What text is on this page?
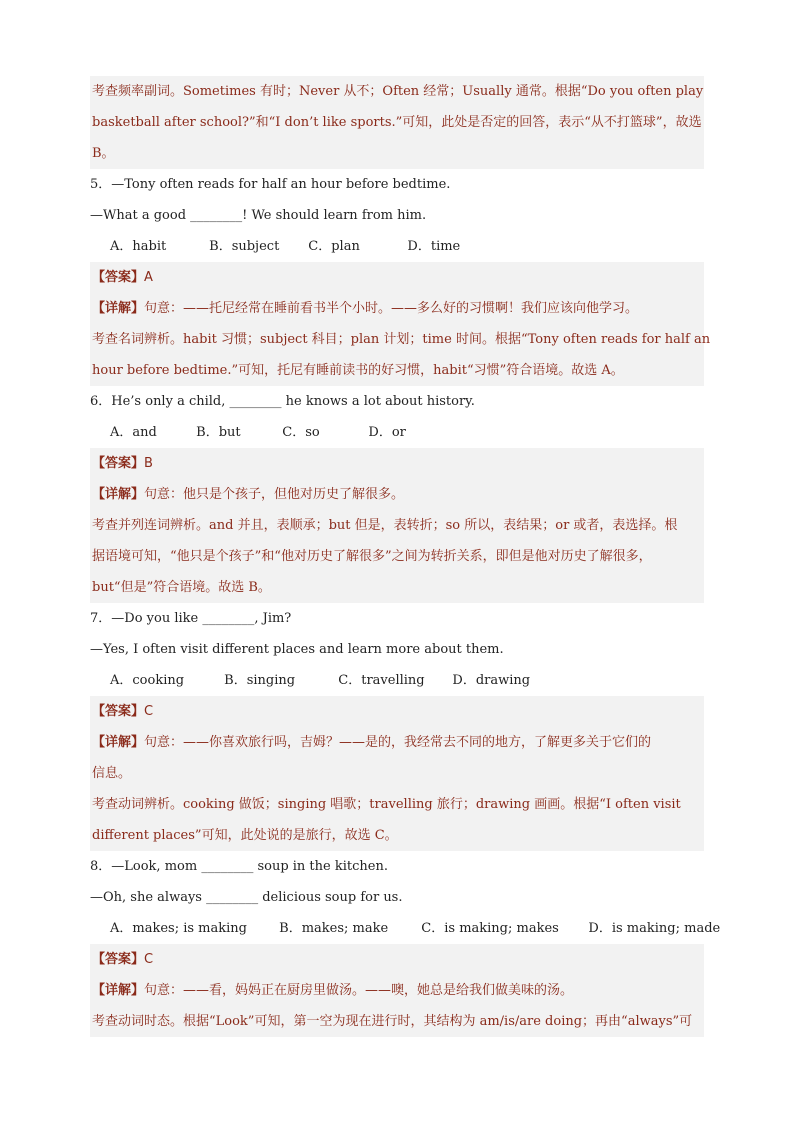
考查频率副词。Sometimes 有时；Never 从不；Often 经常；Usually 通常。根据“Do you often play
basketball after school?”和“I don’t like sports.”可知，此处是否定的回答，表示“从不打篮球”，故选
B。
5．—Tony often reads for half an hour before bedtime.
—What a good ________! We should learn from him.
A．habit	B．subject C．plan	D．time
【答案】A
【详解】句意：——托尼经常在睡前看书半个小时。——多么好的习惯啊！我们应该向他学习。
考查名词辨析。habit 习惯；subject 科目；plan 计划；time 时间。根据“Tony often reads for half an
hour before bedtime.”可知，托尼有睡前读书的好习惯，habit“习惯”符合语境。故选 A。
6．He’s only a child, ________ he knows a lot about history.
A．and	B．but	C．so	D．or
【答案】B
【详解】句意：他只是个孩子，但他对历史了解很多。
考查并列连词辨析。and 并且，表顺承；but 但是，表转折；so 所以，表结果；or 或者，表选择。根
据语境可知，“他只是个孩子”和“他对历史了解很多”之间为转折关系，即但是他对历史了解很多，
but“但是”符合语境。故选 B。
7．—Do you like ________, Jim?
—Yes, I often visit different places and learn more about them.
A．cooking	B．singing	C．travelling D．drawing
【答案】C
【详解】句意：——你喜欢旅行吗，吉姆？——是的，我经常去不同的地方，了解更多关于它们的
信息。
考查动词辨析。cooking 做饭；singing 唱歌；travelling 旅行；drawing 画画。根据“I often visit
different places”可知，此处说的是旅行，故选 C。
8．—Look, mom ________ soup in the kitchen.
—Oh, she always ________ delicious soup for us.
A．makes; is making B．makes; make	C．is making; makes D．is making; made
【答案】C
【详解】句意：——看，妈妈正在厨房里做汤。——噢，她总是给我们做美味的汤。
考查动词时态。根据“Look”可知，第一空为现在进行时，其结构为 am/is/are doing；再由“always”可
